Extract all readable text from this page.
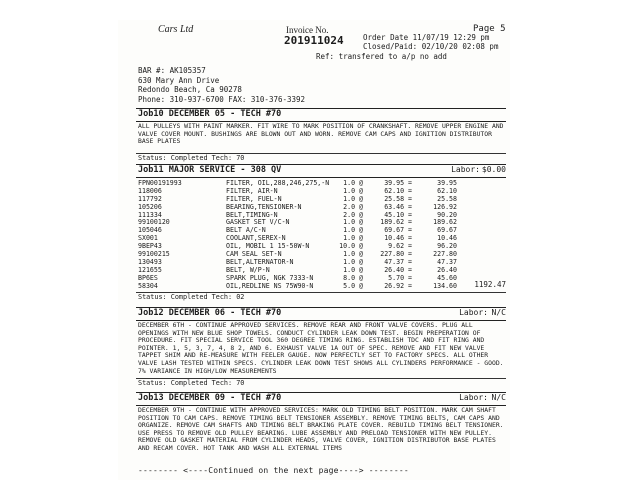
Cars Ltd	Invoice No.
201911024
Page 5
Order Date 11/07/19 12:29 pm
Closed/Paid: 02/10/20 02:08 pm
Ref: transfered to a/p no add
BAR #: AK105357
630 Mary Ann Drive
Redondo Beach, Ca 90278
Phone: 310-937-6700 FAX: 310-376-3392
Job10 DECEMBER 05 - TECH #70
ALL PULLEYS WITH PAINT MARKER. FIT WIRE TO MARK POSITION OF CRANKSHAFT. REMOVE UPPER ENGINE AND VALVE COVER MOUNT. BUSHINGS ARE BLOWN OUT AND WORN. REMOVE CAM CAPS AND IGNITION DISTRIBUTOR BASE PLATES
Status: Completed Tech: 70
Job11 MAJOR SERVICE - 308 QV	Labor: $0.00
FPN00191993	FILTER, OIL,288,246,275,-N	1.0 @	39.95 =	39.95
118006	FILTER, AIR-N	1.0 @	62.10 =	62.10
117792	FILTER, FUEL-N	1.0 @	25.58 =	25.58
105206	BEARING,TENSIONER-N	2.0 @	63.46 =	126.92
111334	BELT,TIMING-N	2.0 @	45.10 =	90.20
99100120	GASKET SET V/C-N	1.0 @	189.62 =	189.62
105046	BELT A/C-N	1.0 @	69.67 =	69.67
SX001	COOLANT,SEREX-N	1.0 @	10.46 =	10.46
9BEP43	OIL, MOBIL 1 15-50W-N	10.0 @	9.62 =	96.20
99100215	CAM SEAL SET-N	1.0 @	227.80 =	227.80
130493	BELT,ALTERNATOR-N	1.0 @	47.37 =	47.37
121655	BELT, W/P-N	1.0 @	26.40 =	26.40
BP6ES	SPARK PLUG, NGK 7333-N	8.0 @	5.70 =	45.60
58304	OIL,REDLINE NS 75W90-N	5.0 @	26.92 =	134.60 1192.47
Status: Completed Tech: 02
Job12 DECEMBER 06 - TECH #70	Labor: N/C
DECEMBER 6TH - CONTINUE APPROVED SERVICES. REMOVE REAR AND FRONT VALVE COVERS. PLUG ALL OPENINGS WITH NEW BLUE SHOP TOWELS. CONDUCT CYLINDER LEAK DOWN TEST. BEGIN PREPERATION OF PROCEDURE. FIT SPECIAL SERVICE TOOL 360 DEGREE TIMING RING. ESTABLISH TDC AND FIT RING AND POINTER. 1, 5, 3, 7, 4, 8 2, AND 6. EXHAUST VALVE 1A OUT OF SPEC. REMOVE AND FIT NEW VALVE TAPPET SHIM AND RE-MEASURE WITH FEELER GAUGE. NOW PERFECTLY SET TO FACTORY SPECS. ALL OTHER VALVE LASH TESTED WITHIN SPECS. CYLINDER LEAK DOWN TEST SHOWS ALL CYLINDERS PERFORMANCE - GOOD. 7% VARIANCE IN HIGH/LOW MEASUREMENTS
Status: Completed Tech: 70
Job13 DECEMBER 09 - TECH #70	Labor: N/C
DECEMBER 9TH - CONTINUE WITH APPROVED SERVICES: MARK OLD TIMING BELT POSITION. MARK CAM SHAFT POSITION TO CAM CAPS. REMOVE TIMING BELT TENSIONER ASSEMBLY. REMOVE TIMING BELTS, CAM CAPS AND ORGANIZE. REMOVE CAM SHAFTS AND TIMING BELT BRAKING PLATE COVER. REBUILD TIMING BELT TENSIONER. USE PRESS TO REMOVE OLD PULLEY BEARING. LUBE ASSEMBLY AND PRELOAD TENSIONER WITH NEW PULLEY. REMOVE OLD GASKET MATERIAL FROM CYLINDER HEADS, VALVE COVER, IGNITION DISTRIBUTOR BASE PLATES AND RECAM COVER. HOT TANK AND WASH ALL EXTERNAL ITEMS
-------- <----Continued on the next page----> --------
